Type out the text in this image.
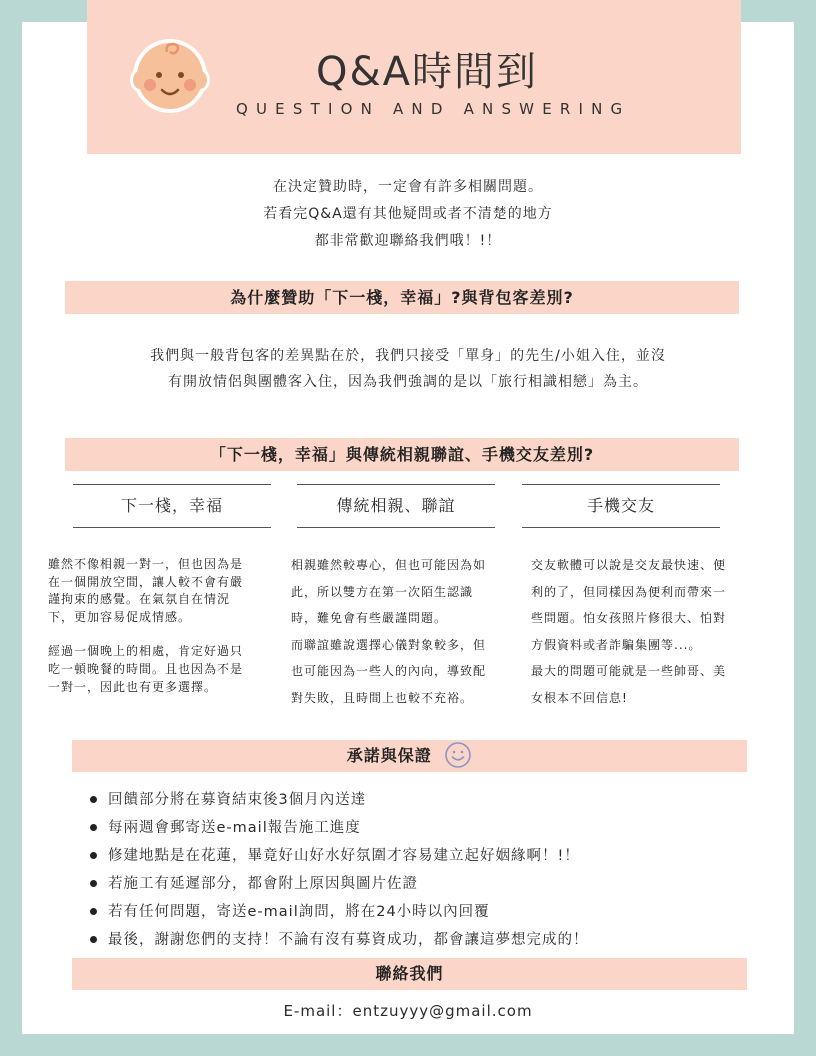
Q&A時間到
QUESTION AND ANSWERING
在決定贊助時，一定會有許多相關問題。
若看完Q&A還有其他疑問或者不清楚的地方
都非常歡迎聯絡我們哦！!！
為什麼贊助「下一棧，幸福」?與背包客差別?
我們與一般背包客的差異點在於，我們只接受「單身」的先生/小姐入住，並沒
有開放情侶與團體客入住，因為我們強調的是以「旅行相識相戀」為主。
「下一棧，幸福」與傳統相親聯誼、手機交友差別?
下一棧，幸福	傳統相親、聯誼	手機交友

雖然不像相親一對一，但也因為是
在一個開放空間，讓人較不會有嚴
謹拘束的感覺。在氣氛自在情況
下，更加容易促成情感。

經過一個晚上的相處，肯定好過只
吃一頓晚餐的時間。且也因為不是
一對一，因此也有更多選擇。

相親雖然較專心，但也可能因為如
此，所以雙方在第一次陌生認識
時，難免會有些嚴謹問題。
而聯誼雖說選擇心儀對象較多，但
也可能因為一些人的內向，導致配
對失敗，且時間上也較不充裕。
交友軟體可以說是交友最快速、便
利的了，但同樣因為便利而帶來一
些問題。怕女孩照片修很大、怕對
方假資料或者詐騙集團等...。
最大的問題可能就是一些帥哥、美
女根本不回信息!
承諾與保證
回饋部分將在募資結束後3個月內送達
每兩週會郵寄送e-mail報告施工進度
修建地點是在花蓮，畢竟好山好水好氛圍才容易建立起好姻緣啊！!！
若施工有延遲部分，都會附上原因與圖片佐證
若有任何問題，寄送e-mail詢問，將在24小時以內回覆
最後，謝謝您們的支持！不論有沒有募資成功，都會讓這夢想完成的！
聯絡我們
E-mail：entzuyyy@gmail.com
